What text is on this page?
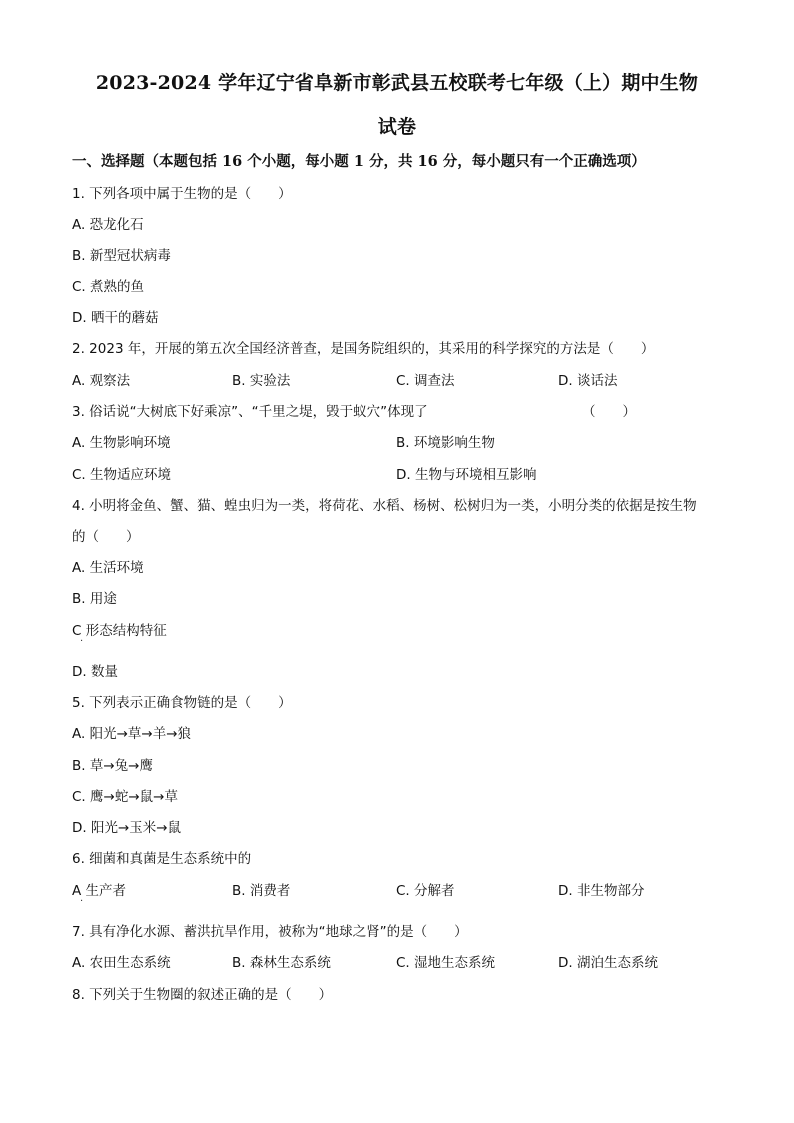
2023-2024 学年辽宁省阜新市彰武县五校联考七年级（上）期中生物
试卷
一、选择题（本题包括 16 个小题，每小题 1 分，共 16 分，每小题只有一个正确选项）
1. 下列各项中属于生物的是（　　）
A. 恐龙化石
B. 新型冠状病毒
C. 煮熟的鱼
D. 晒干的蘑菇
2. 2023 年，开展的第五次全国经济普查，是国务院组织的，其采用的科学探究的方法是（　　）
A. 观察法	B. 实验法	C. 调查法	D. 谈话法
3. 俗话说“大树底下好乘凉”、“千里之堤，毁于蚁穴”体现了	（　　）
A. 生物影响环境	B. 环境影响生物
C. 生物适应环境	D. 生物与环境相互影响
4. 小明将金鱼、蟹、猫、蝗虫归为一类，将荷花、水稻、杨树、松树归为一类，小明分类的依据是按生物
的（　　）
A. 生活环境
B. 用途
C 形态结构特征
·
D. 数量
5. 下列表示正确食物链的是（　　）
A. 阳光→草→羊→狼
B. 草→兔→鹰
C. 鹰→蛇→鼠→草
D. 阳光→玉米→鼠
6. 细菌和真菌是生态系统中的
A 生产者
·
B. 消费者	C. 分解者	D. 非生物部分
7. 具有净化水源、蓄洪抗旱作用，被称为“地球之肾”的是（　　）
A. 农田生态系统	B. 森林生态系统	C. 湿地生态系统	D. 湖泊生态系统
8. 下列关于生物圈的叙述正确的是（　　）
